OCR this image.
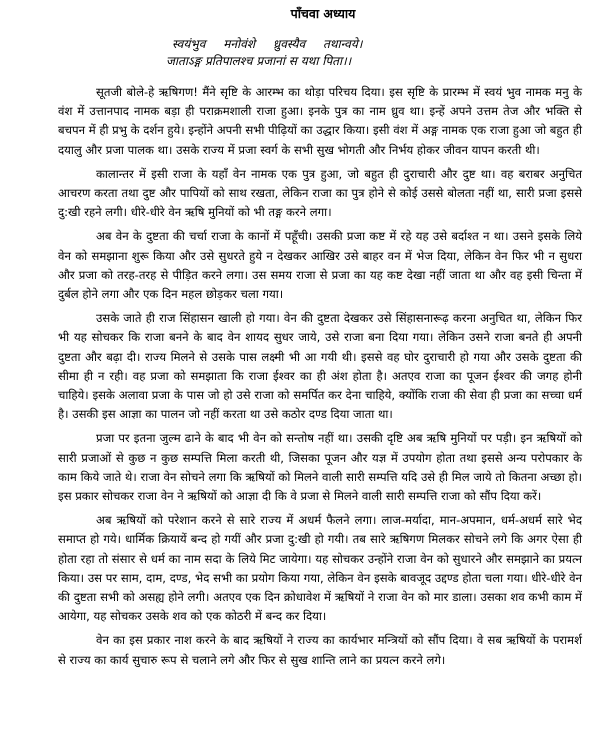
पाँचवा अध्याय
स्वयंभुव मनोवंशे ध्रुवस्यैव तथान्वये।
जाताऽङ्ग प्रतिपालश्च प्रजानां स यथा पिता।।

सूतजी बोले-हे ऋषिगण! मैंने सृष्टि के आरम्भ का थोड़ा परिचय दिया। इस सृष्टि के प्रारम्भ में स्वयं भुव नामक मनु के वंश में उत्तानपाद नामक बड़ा ही पराक्रमशाली राजा हुआ। इनके पुत्र का नाम ध्रुव था। इन्हें अपने उत्तम तेज और भक्ति से बचपन में ही प्रभु के दर्शन हुये। इन्होंने अपनी सभी पीढ़ियों का उद्धार किया। इसी वंश में अङ्ग नामक एक राजा हुआ जो बहुत ही दयालु और प्रजा पालक था। उसके राज्य में प्रजा स्वर्ग के सभी सुख भोगती और निर्भय होकर जीवन यापन करती थी।

कालान्तर में इसी राजा के यहाँ वेन नामक एक पुत्र हुआ, जो बहुत ही दुराचारी और दुष्ट था। वह बराबर अनुचित आचरण करता तथा दुष्ट और पापियों को साथ रखता, लेकिन राजा का पुत्र होने से कोई उससे बोलता नहीं था, सारी प्रजा इससे दु:खी रहने लगी। धीरे-धीरे वेन ऋषि मुनियों को भी तङ्ग करने लगा।

अब वेन के दुष्टता की चर्चा राजा के कानों में पहूँची। उसकी प्रजा कष्ट में रहे यह उसे बर्दाश्त न था। उसने इसके लिये वेन को समझाना शुरू किया और उसे सुधरते हुये न देखकर आखिर उसे बाहर वन में भेज दिया, लेकिन वेन फिर भी न सुधरा और प्रजा को तरह-तरह से पीड़ित करने लगा। उस समय राजा से प्रजा का यह कष्ट देखा नहीं जाता था और वह इसी चिन्ता में दुर्बल होने लगा और एक दिन महल छोड़कर चला गया।

उसके जाते ही राज सिंहासन खाली हो गया। वेन की दुष्टता देखकर उसे सिंहासनारूढ़ करना अनुचित था, लेकिन फिर भी यह सोचकर कि राजा बनने के बाद वेन शायद सुधर जाये, उसे राजा बना दिया गया। लेकिन उसने राजा बनते ही अपनी दुष्टता और बढ़ा दी। राज्य मिलने से उसके पास लक्ष्मी भी आ गयी थी। इससे वह घोर दुराचारी हो गया और उसके दुष्टता की सीमा ही न रही। वह प्रजा को समझाता कि राजा ईश्वर का ही अंश होता है। अतएव राजा का पूजन ईश्वर की जगह होनी चाहिये। इसके अलावा प्रजा के पास जो हो उसे राजा को समर्पित कर देना चाहिये, क्योंकि राजा की सेवा ही प्रजा का सच्चा धर्म है। उसकी इस आज्ञा का पालन जो नहीं करता था उसे कठोर दण्ड दिया जाता था।

प्रजा पर इतना जुल्म ढाने के बाद भी वेन को सन्तोष नहीं था। उसकी दृष्टि अब ऋषि मुनियों पर पड़ी। इन ऋषियों को सारी प्रजाओं से कुछ न कुछ सम्पत्ति मिला करती थी, जिसका पूजन और यज्ञ में उपयोग होता तथा इससे अन्य परोपकार के काम किये जाते थे। राजा वेन सोचने लगा कि ऋषियों को मिलने वाली सारी सम्पत्ति यदि उसे ही मिल जाये तो कितना अच्छा हो। इस प्रकार सोचकर राजा वेन ने ऋषियों को आज्ञा दी कि वे प्रजा से मिलने वाली सारी सम्पत्ति राजा को सौंप दिया करें।

अब ऋषियों को परेशान करने से सारे राज्य में अधर्म फैलने लगा। लाज-मर्यादा, मान-अपमान, धर्म-अधर्म सारे भेद समाप्त हो गये। धार्मिक क्रियायें बन्द हो गयीं और प्रजा दु:खी हो गयी। तब सारे ऋषिगण मिलकर सोचने लगे कि अगर ऐसा ही होता रहा तो संसार से धर्म का नाम सदा के लिये मिट जायेगा। यह सोचकर उन्होंने राजा वेन को सुधारने और समझाने का प्रयत्न किया। उस पर साम, दाम, दण्ड, भेद सभी का प्रयोग किया गया, लेकिन वेन इसके बावजूद उद्दण्ड होता चला गया। धीरे-धीरे वेन की दुष्टता सभी को असह्य होने लगी। अतएव एक दिन क्रोधावेश में ऋषियों ने राजा वेन को मार डाला। उसका शव कभी काम में आयेगा, यह सोचकर उसके शव को एक कोठरी में बन्द कर दिया।

वेन का इस प्रकार नाश करने के बाद ऋषियों ने राज्य का कार्यभार मन्त्रियों को सौंप दिया। वे सब ऋषियों के परामर्श से राज्य का कार्य सुचारु रूप से चलाने लगे और फिर से सुख शान्ति लाने का प्रयत्न करने लगे।
